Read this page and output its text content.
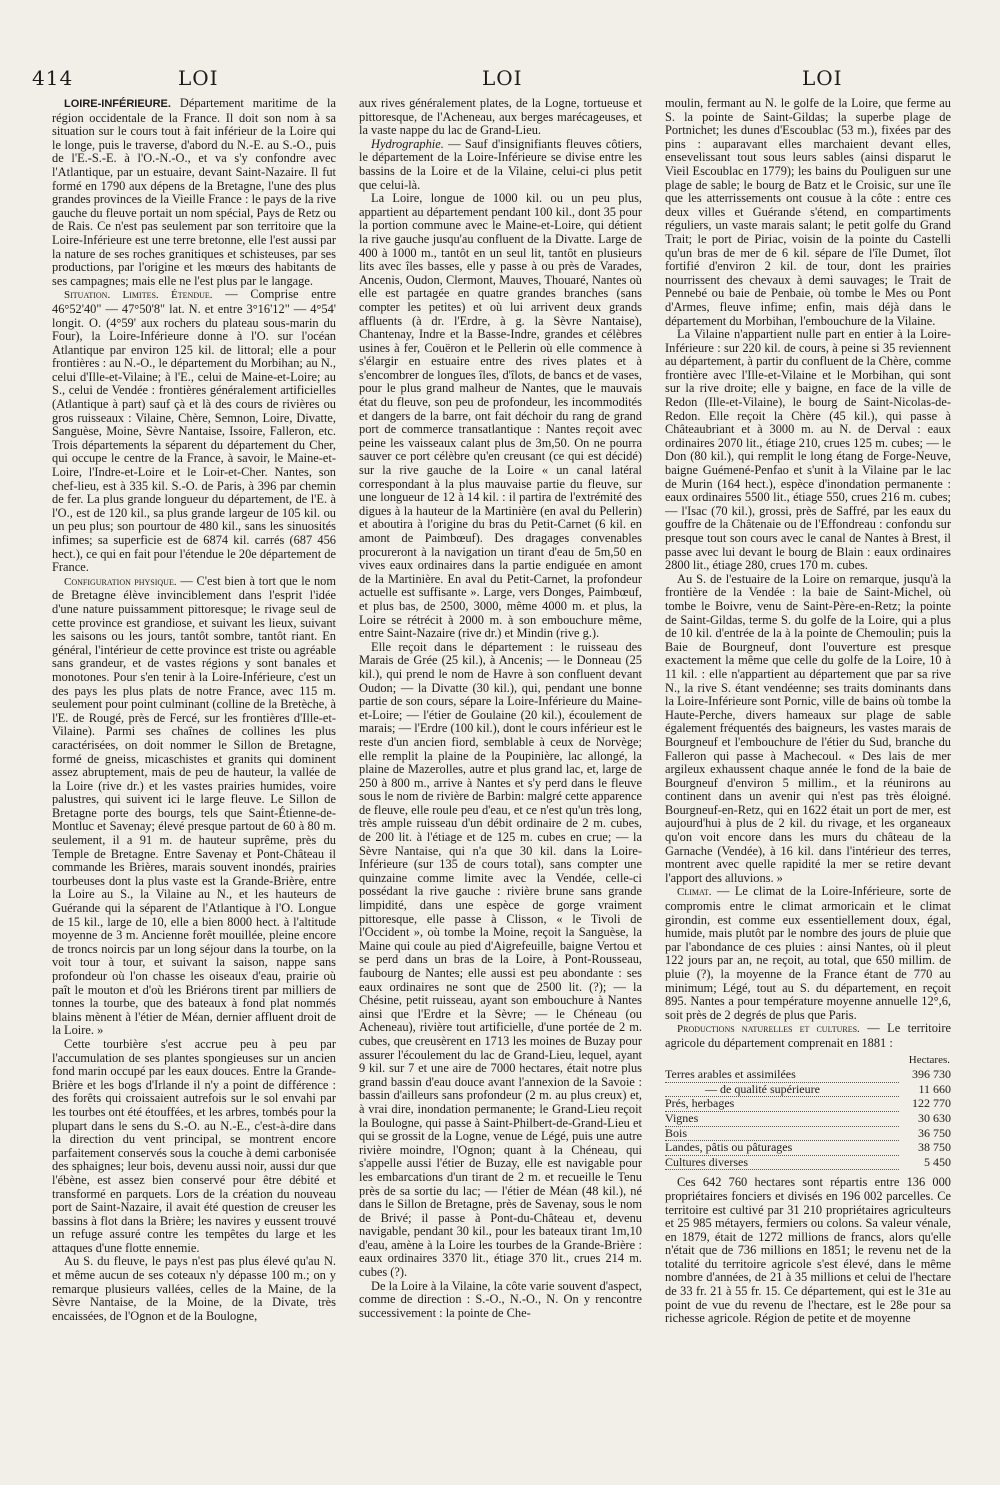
414	LOI	LOI	LOI

LOIRE-INFÉRIEURE. Département maritime de la région occidentale de la France. Il doit son nom à sa situation sur le cours tout à fait inférieur de la Loire qui le longe, puis le traverse, d'abord du N.-E. au S.-O., puis de l'E.-S.-E. à l'O.-N.-O., et va s'y confondre avec l'Atlantique, par un estuaire, devant Saint-Nazaire. Il fut formé en 1790 aux dépens de la Bretagne, l'une des plus grandes provinces de la Vieille France : le pays de la rive gauche du fleuve portait un nom spécial, Pays de Retz ou de Rais. Ce n'est pas seulement par son territoire que la Loire-Inférieure est une terre bretonne, elle l'est aussi par la nature de ses roches granitiques et schisteuses, par ses productions, par l'origine et les mœurs des habitants de ses campagnes; mais elle ne l'est plus par le langage.

Situation. Limites. Étendue. — Comprise entre 46°52'40" — 47°50'8" lat. N. et entre 3°16'12" — 4°54' longit. O. (4°59' aux rochers du plateau sous-marin du Four), la Loire-Inférieure donne à l'O. sur l'océan Atlantique par environ 125 kil. de littoral; elle a pour frontières : au N.-O., le département du Morbihan; au N., celui d'Ille-et-Vilaine; à l'E., celui de Maine-et-Loire; au S., celui de Vendée : frontières généralement artificielles (Atlantique à part) sauf çà et là des cours de rivières ou gros ruisseaux : Vilaine, Chère, Semnon, Loire, Divatte, Sanguèse, Moine, Sèvre Nantaise, Issoire, Falleron, etc. Trois départements la séparent du département du Cher, qui occupe le centre de la France, à savoir, le Maine-et-Loire, l'Indre-et-Loire et le Loir-et-Cher. Nantes, son chef-lieu, est à 335 kil. S.-O. de Paris, à 396 par chemin de fer. La plus grande longueur du département, de l'E. à l'O., est de 120 kil., sa plus grande largeur de 105 kil. ou un peu plus; son pourtour de 480 kil., sans les sinuosités infimes; sa superficie est de 6874 kil. carrés (687 456 hect.), ce qui en fait pour l'étendue le 20e département de France.

Configuration physique. — C'est bien à tort que le nom de Bretagne élève invinciblement dans l'esprit l'idée d'une nature puissamment pittoresque; le rivage seul de cette province est grandiose, et suivant les lieux, suivant les saisons ou les jours, tantôt sombre, tantôt riant. En général, l'intérieur de cette province est triste ou agréable sans grandeur, et de vastes régions y sont banales et monotones. Pour s'en tenir à la Loire-Inférieure, c'est un des pays les plus plats de notre France, avec 115 m. seulement pour point culminant (colline de la Bretèche, à l'E. de Rougé, près de Fercé, sur les frontières d'Ille-et-Vilaine). Parmi ses chaînes de collines les plus caractérisées, on doit nommer le Sillon de Bretagne, formé de gneiss, micaschistes et granits qui dominent assez abruptement, mais de peu de hauteur, la vallée de la Loire (rive dr.) et les vastes prairies humides, voire palustres, qui suivent ici le large fleuve. Le Sillon de Bretagne porte des bourgs, tels que Saint-Étienne-de-Montluc et Savenay; élevé presque partout de 60 à 80 m. seulement, il a 91 m. de hauteur suprême, près du Temple de Bretagne. Entre Savenay et Pont-Château il commande les Brières, marais souvent inondés, prairies tourbeuses dont la plus vaste est la Grande-Brière, entre la Loire au S., la Vilaine au N., et les hauteurs de Guérande qui la séparent de l'Atlantique à l'O. Longue de 15 kil., large de 10, elle a bien 8000 hect. à l'altitude moyenne de 3 m. Ancienne forêt mouillée, pleine encore de troncs noircis par un long séjour dans la tourbe, on la voit tour à tour, et suivant la saison, nappe sans profondeur où l'on chasse les oiseaux d'eau, prairie où paît le mouton et d'où les Briérons tirent par milliers de tonnes la tourbe, que des bateaux à fond plat nommés blains mènent à l'étier de Méan, dernier affluent droit de la Loire. »

Cette tourbière s'est accrue peu à peu par l'accumulation de ses plantes spongieuses sur un ancien fond marin occupé par les eaux douces. Entre la Grande-Brière et les bogs d'Irlande il n'y a point de différence : des forêts qui croissaient autrefois sur le sol envahi par les tourbes ont été étouffées, et les arbres, tombés pour la plupart dans le sens du S.-O. au N.-E., c'est-à-dire dans la direction du vent principal, se montrent encore parfaitement conservés sous la couche à demi carbonisée des sphaignes; leur bois, devenu aussi noir, aussi dur que l'ébène, est assez bien conservé pour être débité et transformé en parquets. Lors de la création du nouveau port de Saint-Nazaire, il avait été question de creuser les bassins à flot dans la Brière; les navires y eussent trouvé un refuge assuré contre les tempêtes du large et les attaques d'une flotte ennemie.

Au S. du fleuve, le pays n'est pas plus élevé qu'au N. et même aucun de ses coteaux n'y dépasse 100 m.; on y remarque plusieurs vallées, celles de la Maine, de la Sèvre Nantaise, de la Moine, de la Divate, très encaissées, de l'Ognon et de la Boulogne,

aux rives généralement plates, de la Logne, tortueuse et pittoresque, de l'Acheneau, aux berges marécageuses, et la vaste nappe du lac de Grand-Lieu.

Hydrographie. — Sauf d'insignifiants fleuves côtiers, le département de la Loire-Inférieure se divise entre les bassins de la Loire et de la Vilaine, celui-ci plus petit que celui-là.

La Loire, longue de 1000 kil. ou un peu plus, appartient au département pendant 100 kil., dont 35 pour la portion commune avec le Maine-et-Loire, qui détient la rive gauche jusqu'au confluent de la Divatte. Large de 400 à 1000 m., tantôt en un seul lit, tantôt en plusieurs lits avec îles basses, elle y passe à ou près de Varades, Ancenis, Oudon, Clermont, Mauves, Thouaré, Nantes où elle est partagée en quatre grandes branches (sans compter les petites) et où lui arrivent deux grands affluents (à dr. l'Erdre, à g. la Sèvre Nantaise), Chantenay, Indre et la Basse-Indre, grandes et célèbres usines à fer, Couëron et le Pellerin où elle commence à s'élargir en estuaire entre des rives plates et à s'encombrer de longues îles, d'îlots, de bancs et de vases, pour le plus grand malheur de Nantes, que le mauvais état du fleuve, son peu de profondeur, les incommodités et dangers de la barre, ont fait déchoir du rang de grand port de commerce transatlantique : Nantes reçoit avec peine les vaisseaux calant plus de 3m,50. On ne pourra sauver ce port célèbre qu'en creusant (ce qui est décidé) sur la rive gauche de la Loire « un canal latéral correspondant à la plus mauvaise partie du fleuve, sur une longueur de 12 à 14 kil. : il partira de l'extrémité des digues à la hauteur de la Martinière (en aval du Pellerin) et aboutira à l'origine du bras du Petit-Carnet (6 kil. en amont de Paimbœuf). Des dragages convenables procureront à la navigation un tirant d'eau de 5m,50 en vives eaux ordinaires dans la partie endiguée en amont de la Martinière. En aval du Petit-Carnet, la profondeur actuelle est suffisante ». Large, vers Donges, Paimbœuf, et plus bas, de 2500, 3000, même 4000 m. et plus, la Loire se rétrécit à 2000 m. à son embouchure même, entre Saint-Nazaire (rive dr.) et Mindin (rive g.).

Elle reçoit dans le département : le ruisseau des Marais de Grée (25 kil.), à Ancenis; — le Donneau (25 kil.), qui prend le nom de Havre à son confluent devant Oudon; — la Divatte (30 kil.), qui, pendant une bonne partie de son cours, sépare la Loire-Inférieure du Maine-et-Loire; — l'étier de Goulaine (20 kil.), écoulement de marais; — l'Erdre (100 kil.), dont le cours inférieur est le reste d'un ancien fiord, semblable à ceux de Norvège; elle remplit la plaine de la Poupinière, lac allongé, la plaine de Mazerolles, autre et plus grand lac, et, large de 250 à 800 m., arrive à Nantes et s'y perd dans le fleuve sous le nom de rivière de Barbin: malgré cette apparence de fleuve, elle roule peu d'eau, et ce n'est qu'un très long, très ample ruisseau d'un débit ordinaire de 2 m. cubes, de 200 lit. à l'étiage et de 125 m. cubes en crue; — la Sèvre Nantaise, qui n'a que 30 kil. dans la Loire-Inférieure (sur 135 de cours total), sans compter une quinzaine comme limite avec la Vendée, celle-ci possédant la rive gauche : rivière brune sans grande limpidité, dans une espèce de gorge vraiment pittoresque, elle passe à Clisson, « le Tivoli de l'Occident », où tombe la Moine, reçoit la Sanguèse, la Maine qui coule au pied d'Aigrefeuille, baigne Vertou et se perd dans un bras de la Loire, à Pont-Rousseau, faubourg de Nantes; elle aussi est peu abondante : ses eaux ordinaires ne sont que de 2500 lit. (?); — la Chésine, petit ruisseau, ayant son embouchure à Nantes ainsi que l'Erdre et la Sèvre; — le Chéneau (ou Acheneau), rivière tout artificielle, d'une portée de 2 m. cubes, que creusèrent en 1713 les moines de Buzay pour assurer l'écoulement du lac de Grand-Lieu, lequel, ayant 9 kil. sur 7 et une aire de 7000 hectares, était notre plus grand bassin d'eau douce avant l'annexion de la Savoie : bassin d'ailleurs sans profondeur (2 m. au plus creux) et, à vrai dire, inondation permanente; le Grand-Lieu reçoit la Boulogne, qui passe à Saint-Philbert-de-Grand-Lieu et qui se grossit de la Logne, venue de Légé, puis une autre rivière moindre, l'Ognon; quant à la Chéneau, qui s'appelle aussi l'étier de Buzay, elle est navigable pour les embarcations d'un tirant de 2 m. et recueille le Tenu près de sa sortie du lac; — l'étier de Méan (48 kil.), né dans le Sillon de Bretagne, près de Savenay, sous le nom de Brivé; il passe à Pont-du-Château et, devenu navigable, pendant 30 kil., pour les bateaux tirant 1m,10 d'eau, amène à la Loire les tourbes de la Grande-Brière : eaux ordinaires 3370 lit., étiage 370 lit., crues 214 m. cubes (?).

De la Loire à la Vilaine, la côte varie souvent d'aspect, comme de direction : S.-O., N.-O., N. On y rencontre successivement : la pointe de Che-

moulin, fermant au N. le golfe de la Loire, que ferme au S. la pointe de Saint-Gildas; la superbe plage de Portnichet; les dunes d'Escoublac (53 m.), fixées par des pins : auparavant elles marchaient devant elles, ensevelissant tout sous leurs sables (ainsi disparut le Vieil Escoublac en 1779); les bains du Pouliguen sur une plage de sable; le bourg de Batz et le Croisic, sur une île que les atterrissements ont cousue à la côte : entre ces deux villes et Guérande s'étend, en compartiments réguliers, un vaste marais salant; le petit golfe du Grand Trait; le port de Piriac, voisin de la pointe du Castelli qu'un bras de mer de 6 kil. sépare de l'île Dumet, îlot fortifié d'environ 2 kil. de tour, dont les prairies nourrissent des chevaux à demi sauvages; le Trait de Pennebé ou baie de Penbaie, où tombe le Mes ou Pont d'Armes, fleuve infime; enfin, mais déjà dans le département du Morbihan, l'embouchure de la Vilaine.

La Vilaine n'appartient nulle part en entier à la Loire-Inférieure : sur 220 kil. de cours, à peine si 35 reviennent au département, à partir du confluent de la Chère, comme frontière avec l'Ille-et-Vilaine et le Morbihan, qui sont sur la rive droite; elle y baigne, en face de la ville de Redon (Ille-et-Vilaine), le bourg de Saint-Nicolas-de-Redon. Elle reçoit la Chère (45 kil.), qui passe à Châteaubriant et à 3000 m. au N. de Derval : eaux ordinaires 2070 lit., étiage 210, crues 125 m. cubes; — le Don (80 kil.), qui remplit le long étang de Forge-Neuve, baigne Guémené-Penfao et s'unit à la Vilaine par le lac de Murin (164 hect.), espèce d'inondation permanente : eaux ordinaires 5500 lit., étiage 550, crues 216 m. cubes; — l'Isac (70 kil.), grossi, près de Saffré, par les eaux du gouffre de la Châtenaie ou de l'Effondreau : confondu sur presque tout son cours avec le canal de Nantes à Brest, il passe avec lui devant le bourg de Blain : eaux ordinaires 2800 lit., étiage 280, crues 170 m. cubes.

Au S. de l'estuaire de la Loire on remarque, jusqu'à la frontière de la Vendée : la baie de Saint-Michel, où tombe le Boivre, venu de Saint-Père-en-Retz; la pointe de Saint-Gildas, terme S. du golfe de la Loire, qui a plus de 10 kil. d'entrée de la à la pointe de Chemoulin; puis la Baie de Bourgneuf, dont l'ouverture est presque exactement la même que celle du golfe de la Loire, 10 à 11 kil. : elle n'appartient au département que par sa rive N., la rive S. étant vendéenne; ses traits dominants dans la Loire-Inférieure sont Pornic, ville de bains où tombe la Haute-Perche, divers hameaux sur plage de sable également fréquentés des baigneurs, les vastes marais de Bourgneuf et l'embouchure de l'étier du Sud, branche du Falleron qui passe à Machecoul. « Des lais de mer argileux exhaussent chaque année le fond de la baie de Bourgneuf d'environ 5 millim., et la réunirons au continent dans un avenir qui n'est pas très éloigné. Bourgneuf-en-Retz, qui en 1622 était un port de mer, est aujourd'hui à plus de 2 kil. du rivage, et les organeaux qu'on voit encore dans les murs du château de la Garnache (Vendée), à 16 kil. dans l'intérieur des terres, montrent avec quelle rapidité la mer se retire devant l'apport des alluvions. »

Climat. — Le climat de la Loire-Inférieure, sorte de compromis entre le climat armoricain et le climat girondin, est comme eux essentiellement doux, égal, humide, mais plutôt par le nombre des jours de pluie que par l'abondance de ces pluies : ainsi Nantes, où il pleut 122 jours par an, ne reçoit, au total, que 650 millim. de pluie (?), la moyenne de la France étant de 770 au minimum; Légé, tout au S. du département, en reçoit 895. Nantes a pour température moyenne annuelle 12°,6, soit près de 2 degrés de plus que Paris.

Productions naturelles et cultures. — Le territoire agricole du département comprenait en 1881 :

	Hectares.
Terres arables et assimilées	396 730
— de qualité supérieure	11 660
Prés, herbages	122 770
Vignes	30 630
Bois	36 750
Landes, pâtis ou pâturages	38 750
Cultures diverses	5 450

Ces 642 760 hectares sont répartis entre 136 000 propriétaires fonciers et divisés en 196 002 parcelles. Ce territoire est cultivé par 31 210 propriétaires agriculteurs et 25 985 métayers, fermiers ou colons. Sa valeur vénale, en 1879, était de 1272 millions de francs, alors qu'elle n'était que de 736 millions en 1851; le revenu net de la totalité du territoire agricole s'est élevé, dans le même nombre d'années, de 21 à 35 millions et celui de l'hectare de 33 fr. 21 à 55 fr. 15. Ce département, qui est le 31e au point de vue du revenu de l'hectare, est le 28e pour sa richesse agricole. Région de petite et de moyenne
